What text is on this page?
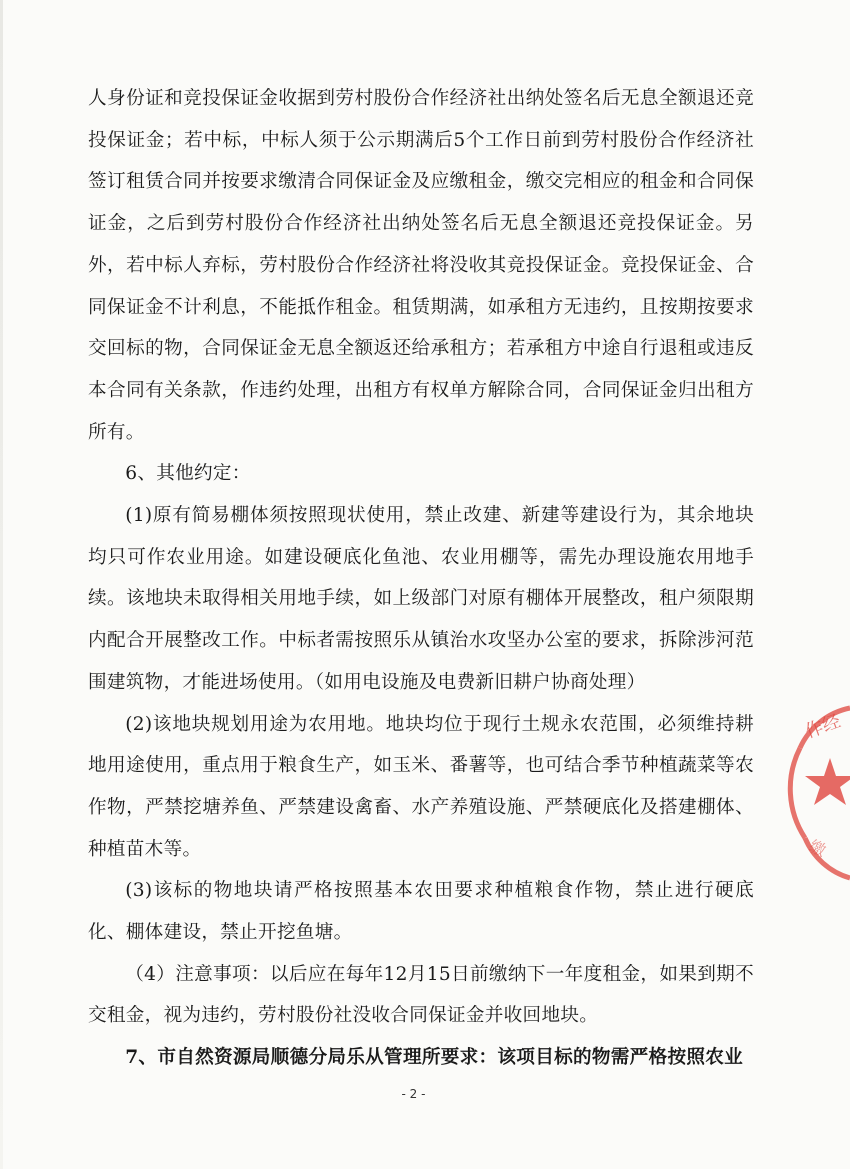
人身份证和竞投保证金收据到劳村股份合作经济社出纳处签名后无息全额退还竞投保证金；若中标，中标人须于公示期满后5个工作日前到劳村股份合作经济社签订租赁合同并按要求缴清合同保证金及应缴租金，缴交完相应的租金和合同保证金，之后到劳村股份合作经济社出纳处签名后无息全额退还竞投保证金。另外，若中标人弃标，劳村股份合作经济社将没收其竞投保证金。竞投保证金、合同保证金不计利息，不能抵作租金。租赁期满，如承租方无违约，且按期按要求交回标的物，合同保证金无息全额返还给承租方；若承租方中途自行退租或违反本合同有关条款，作违约处理，出租方有权单方解除合同，合同保证金归出租方所有。

6、其他约定：

(1)原有简易棚体须按照现状使用，禁止改建、新建等建设行为，其余地块均只可作农业用途。如建设硬底化鱼池、农业用棚等，需先办理设施农用地手续。该地块未取得相关用地手续，如上级部门对原有棚体开展整改，租户须限期内配合开展整改工作。中标者需按照乐从镇治水攻坚办公室的要求，拆除涉河范围建筑物，才能进场使用。（如用电设施及电费新旧耕户协商处理）

(2)该地块规划用途为农用地。地块均位于现行土规永农范围，必须维持耕地用途使用，重点用于粮食生产，如玉米、番薯等，也可结合季节种植蔬菜等农作物，严禁挖塘养鱼、严禁建设禽畜、水产养殖设施、严禁硬底化及搭建棚体、种植苗木等。

(3)该标的物地块请严格按照基本农田要求种植粮食作物，禁止进行硬底化、棚体建设，禁止开挖鱼塘。

（4）注意事项：以后应在每年12月15日前缴纳下一年度租金，如果到期不交租金，视为违约，劳村股份社没收合同保证金并收回地块。

7、市自然资源局顺德分局乐从管理所要求：该项目标的物需严格按照农业

- 2 -
作经
缴
